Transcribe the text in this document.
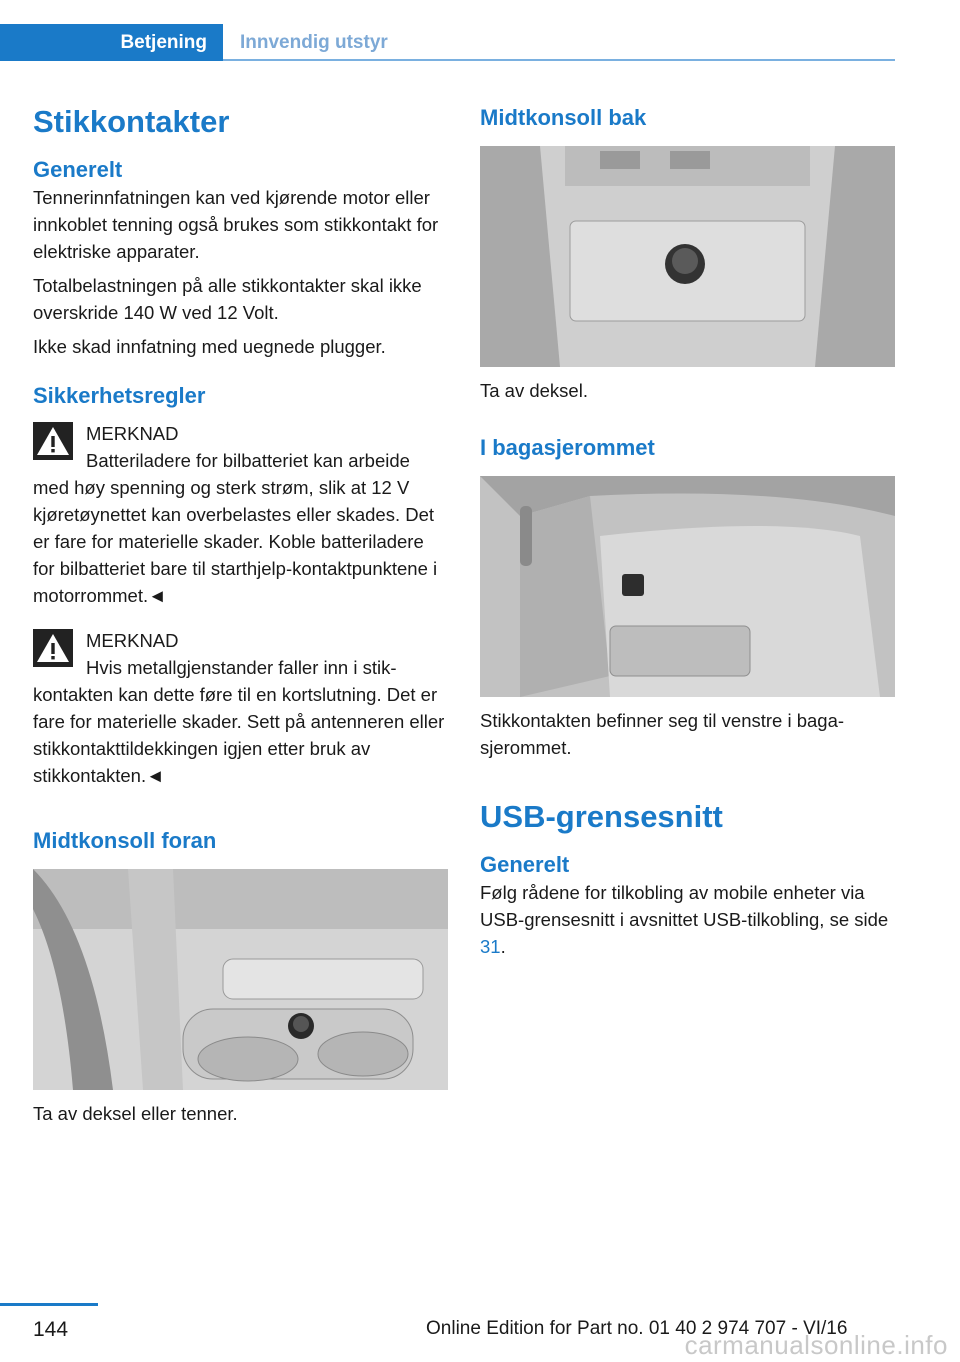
Betjening	Innvendig utstyr
Stikkontakter
Generelt

Tennerinnfatningen kan ved kjørende motor eller innkoblet tenning også brukes som stikkontakt for elektriske apparater.

Totalbelastningen på alle stikkontakter skal ikke overskride 140 W ved 12 Volt.

Ikke skad innfatning med uegnede plugger.

Sikkerhetsregler

MERKNAD

Batteriladere for bilbatteriet kan arbeide med høy spenning og sterk strøm, slik at 12 V kjøretøynettet kan overbelastes eller skades. Det er fare for materielle skader. Koble batteriladere for bilbatteriet bare til starthjelp-kontaktpunktene i motorrommet.◄

MERKNAD

Hvis metallgjenstander faller inn i stikkontakten kan dette føre til en kortslutning. Det er fare for materielle skader. Sett på antenneren eller stikkontakttildekkingen igjen etter bruk av stikkontakten.◄

Midtkonsoll foran

Ta av deksel eller tenner.

Midtkonsoll bak

Ta av deksel.

I bagasjerommet

Stikkontakten befinner seg til venstre i bagasjerommet.

USB-grensesnitt
Generelt

Følg rådene for tilkobling av mobile enheter via USB-grensesnitt i avsnittet USB-tilkobling, se side 31.

144	Online Edition for Part no. 01 40 2 974 707 - VI/16
carmanualsonline.info
